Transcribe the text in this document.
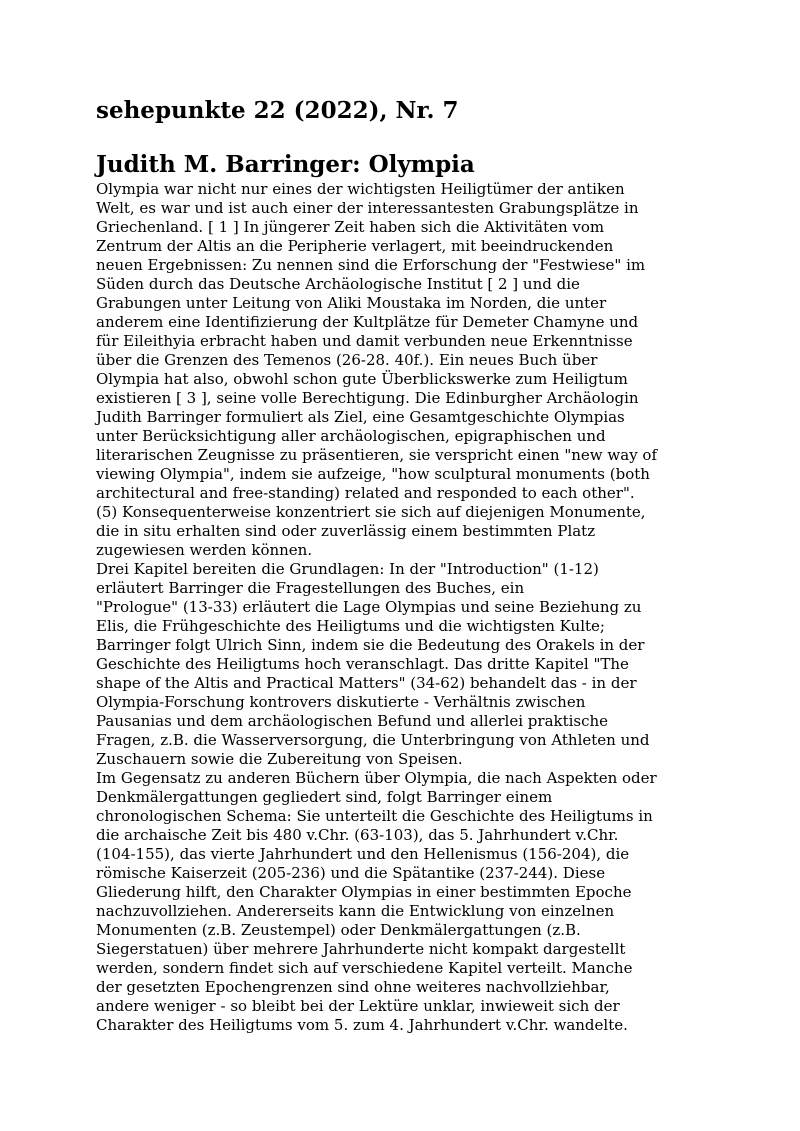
sehepunkte 22 (2022), Nr. 7
Judith M. Barringer: Olympia

Olympia war nicht nur eines der wichtigsten Heiligtümer der antiken
Welt, es war und ist auch einer der interessantesten Grabungsplätze in
Griechenland. [ 1 ] In jüngerer Zeit haben sich die Aktivitäten vom
Zentrum der Altis an die Peripherie verlagert, mit beeindruckenden
neuen Ergebnissen: Zu nennen sind die Erforschung der "Festwiese" im
Süden durch das Deutsche Archäologische Institut [ 2 ] und die
Grabungen unter Leitung von Aliki Moustaka im Norden, die unter
anderem eine Identifizierung der Kultplätze für Demeter Chamyne und
für Eileithyia erbracht haben und damit verbunden neue Erkenntnisse
über die Grenzen des Temenos (26-28. 40f.). Ein neues Buch über
Olympia hat also, obwohl schon gute Überblickswerke zum Heiligtum
existieren [ 3 ], seine volle Berechtigung. Die Edinburgher Archäologin
Judith Barringer formuliert als Ziel, eine Gesamtgeschichte Olympias
unter Berücksichtigung aller archäologischen, epigraphischen und
literarischen Zeugnisse zu präsentieren, sie verspricht einen "new way of
viewing Olympia", indem sie aufzeige, "how sculptural monuments (both
architectural and free-standing) related and responded to each other".
(5) Konsequenterweise konzentriert sie sich auf diejenigen Monumente,
die in situ erhalten sind oder zuverlässig einem bestimmten Platz
zugewiesen werden können.

Drei Kapitel bereiten die Grundlagen: In der "Introduction" (1-12)
erläutert Barringer die Fragestellungen des Buches, ein
"Prologue" (13-33) erläutert die Lage Olympias und seine Beziehung zu
Elis, die Frühgeschichte des Heiligtums und die wichtigsten Kulte;
Barringer folgt Ulrich Sinn, indem sie die Bedeutung des Orakels in der
Geschichte des Heiligtums hoch veranschlagt. Das dritte Kapitel "The
shape of the Altis and Practical Matters" (34-62) behandelt das - in der
Olympia-Forschung kontrovers diskutierte - Verhältnis zwischen
Pausanias und dem archäologischen Befund und allerlei praktische
Fragen, z.B. die Wasserversorgung, die Unterbringung von Athleten und
Zuschauern sowie die Zubereitung von Speisen.

Im Gegensatz zu anderen Büchern über Olympia, die nach Aspekten oder
Denkmälergattungen gegliedert sind, folgt Barringer einem
chronologischen Schema: Sie unterteilt die Geschichte des Heiligtums in
die archaische Zeit bis 480 v.Chr. (63-103), das 5. Jahrhundert v.Chr.
(104-155), das vierte Jahrhundert und den Hellenismus (156-204), die
römische Kaiserzeit (205-236) und die Spätantike (237-244). Diese
Gliederung hilft, den Charakter Olympias in einer bestimmten Epoche
nachzuvollziehen. Andererseits kann die Entwicklung von einzelnen
Monumenten (z.B. Zeustempel) oder Denkmälergattungen (z.B.
Siegerstatuen) über mehrere Jahrhunderte nicht kompakt dargestellt
werden, sondern findet sich auf verschiedene Kapitel verteilt. Manche
der gesetzten Epochengrenzen sind ohne weiteres nachvollziehbar,
andere weniger - so bleibt bei der Lektüre unklar, inwieweit sich der
Charakter des Heiligtums vom 5. zum 4. Jahrhundert v.Chr. wandelte.
